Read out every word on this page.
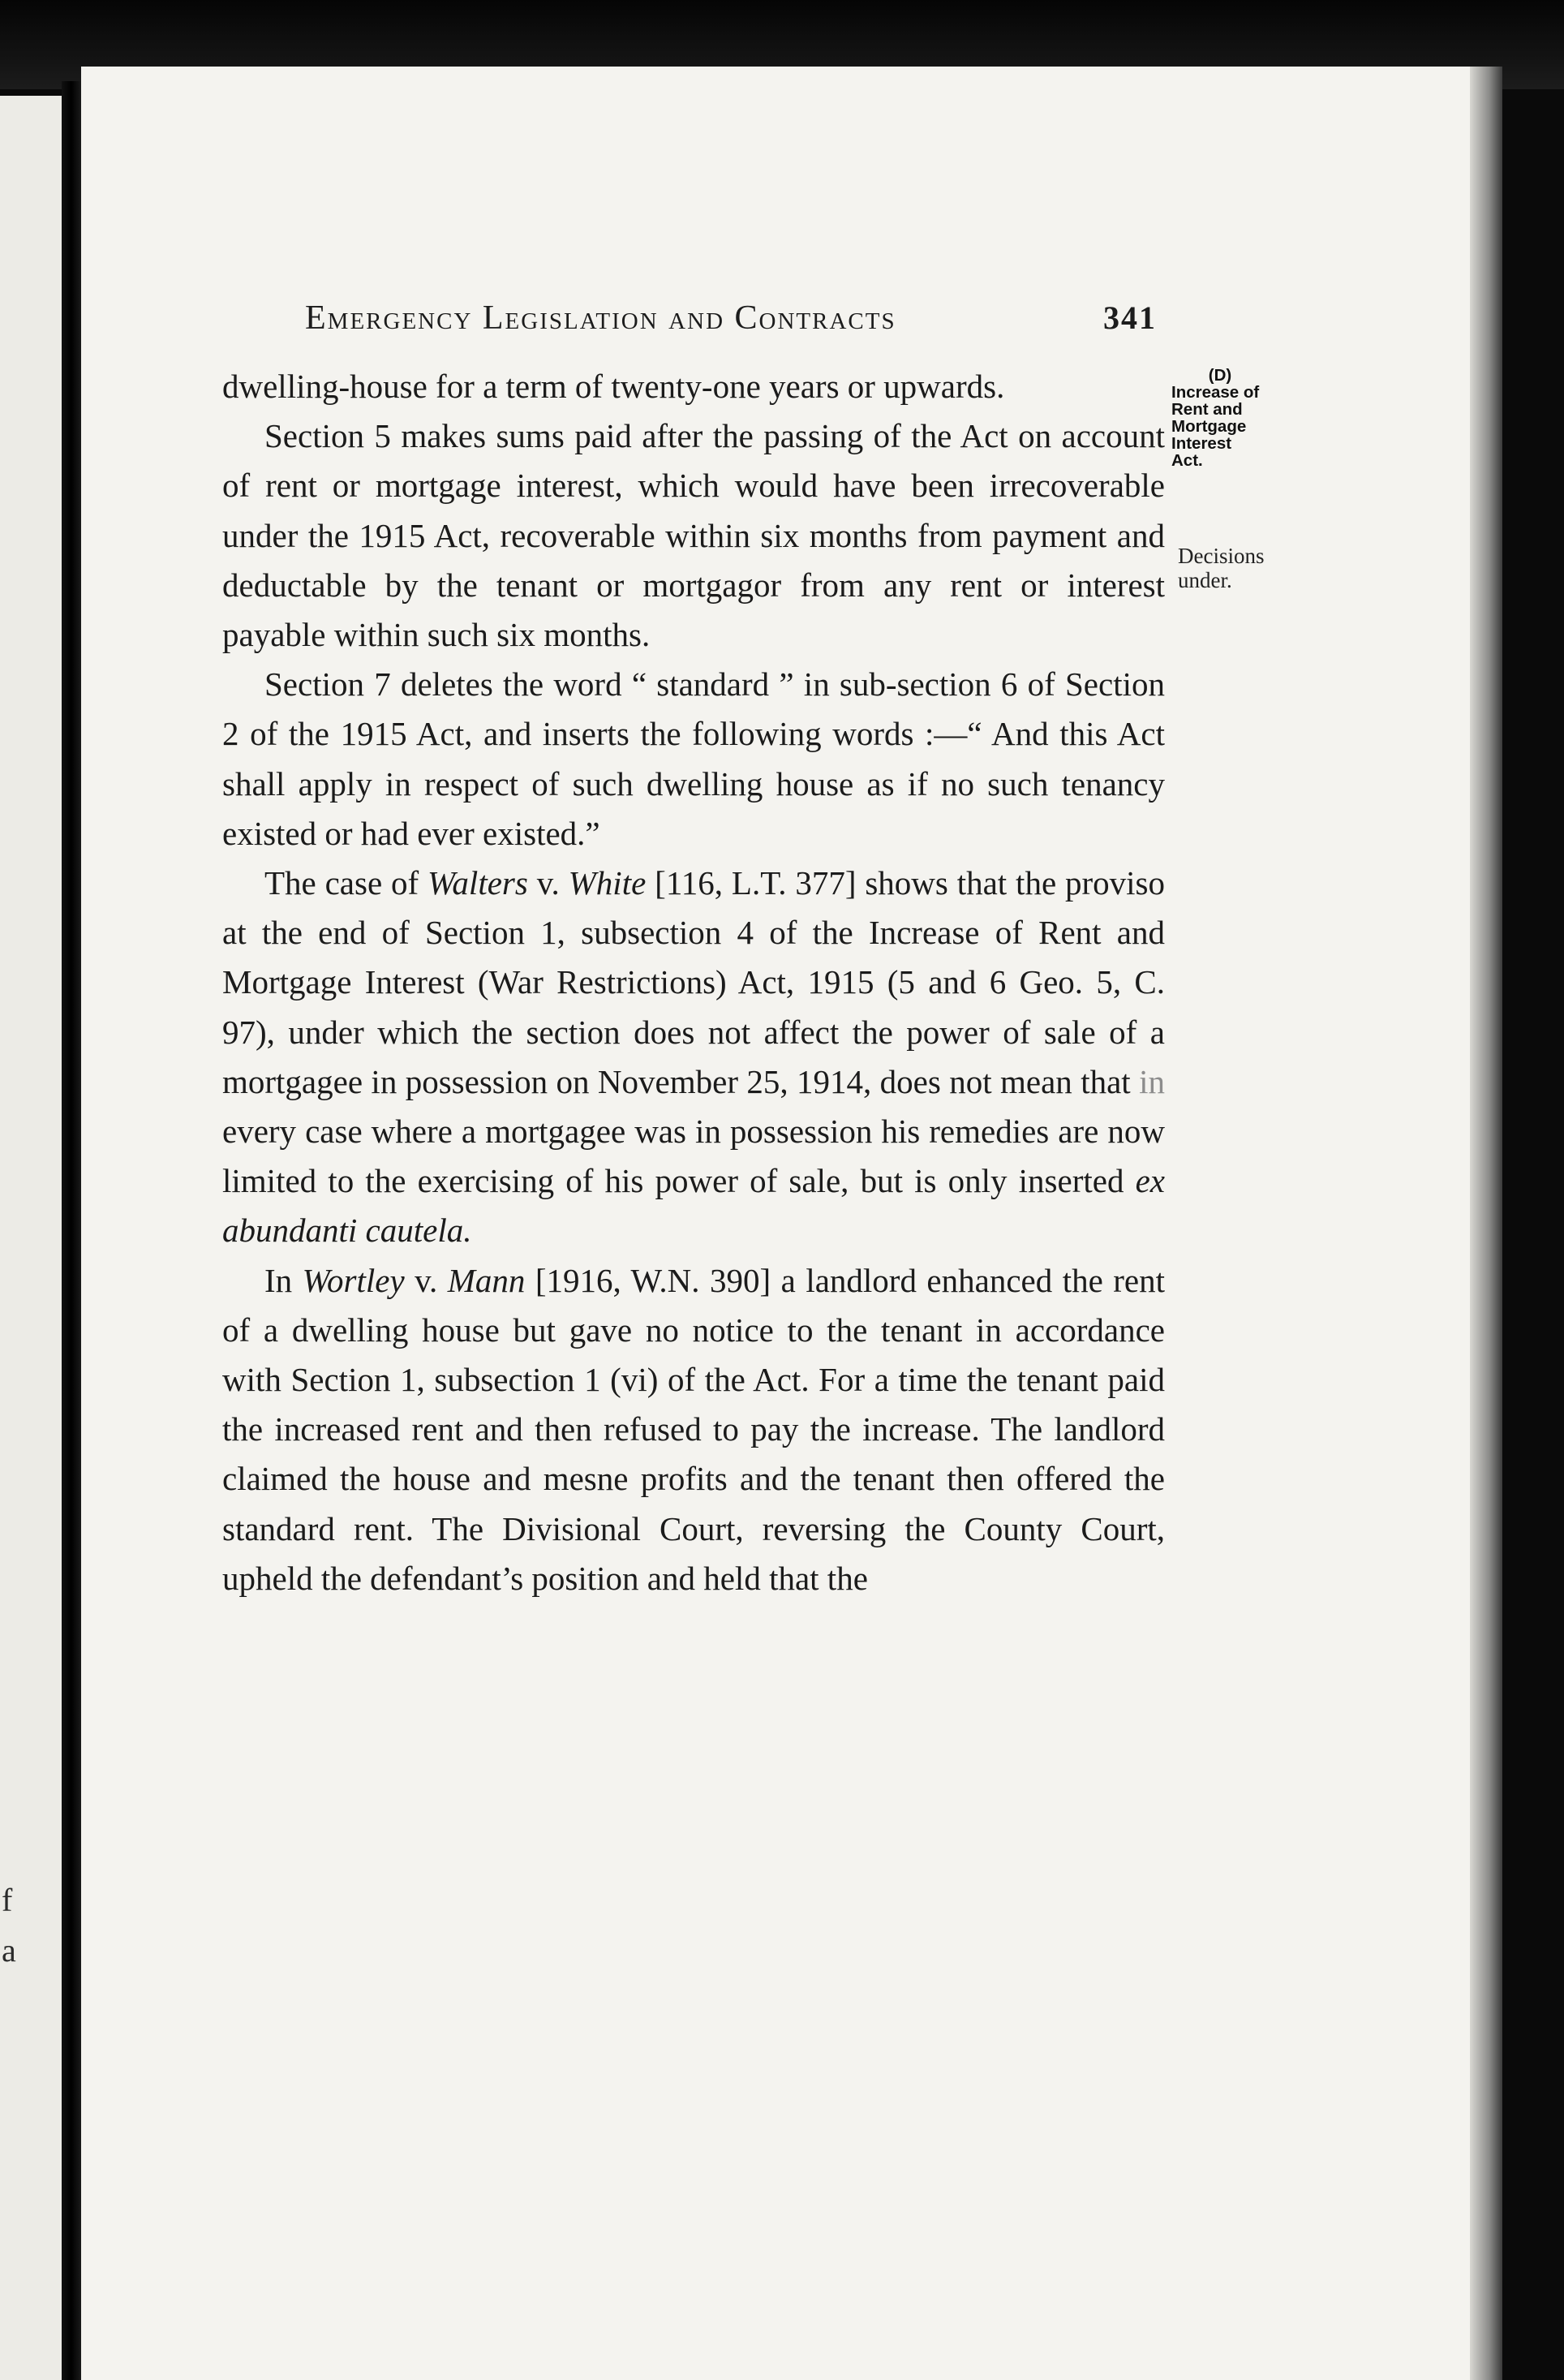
f
a
Emergency Legislation and Contracts	341

dwelling-house for a term of twenty-one years or upwards.

Section 5 makes sums paid after the passing of the Act on account of rent or mortgage interest, which would have been irrecoverable under the 1915 Act, recoverable within six months from payment and deductable by the tenant or mortgagor from any rent or interest payable within such six months.

Section 7 deletes the word “ standard ” in sub-section 6 of Section 2 of the 1915 Act, and inserts the following words :—“ And this Act shall apply in respect of such dwelling house as if no such tenancy existed or had ever existed.”

The case of Walters v. White [116, L.T. 377] shows that the proviso at the end of Section 1, subsection 4 of the Increase of Rent and Mortgage Interest (War Restrictions) Act, 1915 (5 and 6 Geo. 5, C. 97), under which the section does not affect the power of sale of a mortgagee in possession on November 25, 1914, does not mean that in every case where a mortgagee was in possession his remedies are now limited to the exercising of his power of sale, but is only inserted ex abundanti cautela.

In Wortley v. Mann [1916, W.N. 390] a landlord enhanced the rent of a dwelling house but gave no notice to the tenant in accordance with Section 1, subsection 1 (vi) of the Act. For a time the tenant paid the increased rent and then refused to pay the increase. The landlord claimed the house and mesne profits and the tenant then offered the standard rent. The Divisional Court, reversing the County Court, upheld the defendant’s position and held that the

(D)
Increase of
Rent and
Mortgage
Interest
Act.
Decisions
under.
